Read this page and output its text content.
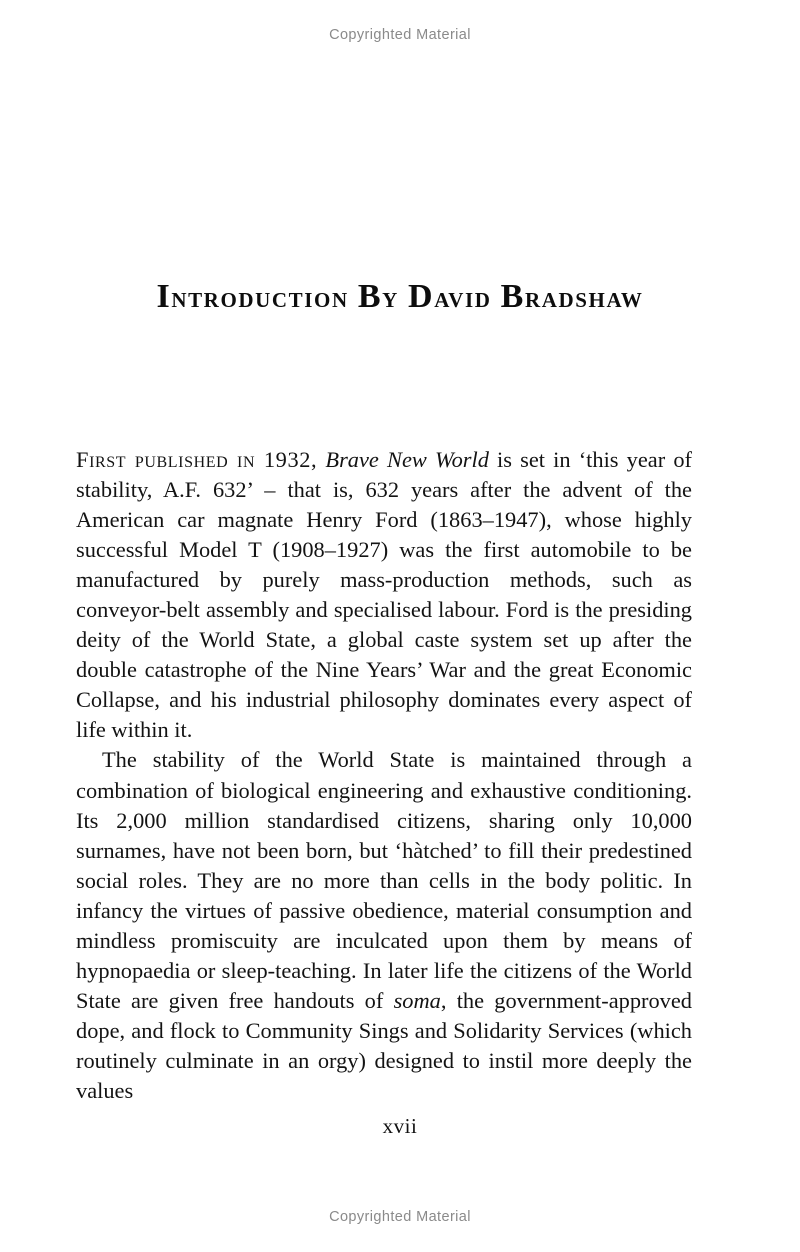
Copyrighted Material
Introduction By David Bradshaw

First published in 1932, Brave New World is set in ‘this year of stability, A.F. 632’ – that is, 632 years after the advent of the American car magnate Henry Ford (1863–1947), whose highly successful Model T (1908–1927) was the first automobile to be manufactured by purely mass-production methods, such as conveyor-belt assembly and specialised labour. Ford is the presiding deity of the World State, a global caste system set up after the double catastrophe of the Nine Years’ War and the great Economic Collapse, and his industrial philosophy dominates every aspect of life within it.

The stability of the World State is maintained through a combination of biological engineering and exhaustive conditioning. Its 2,000 million standardised citizens, sharing only 10,000 surnames, have not been born, but ‘hàtched’ to fill their predestined social roles. They are no more than cells in the body politic. In infancy the virtues of passive obedience, material consumption and mindless promiscuity are inculcated upon them by means of hypnopaedia or sleep-teaching. In later life the citizens of the World State are given free handouts of soma, the government-approved dope, and flock to Community Sings and Solidarity Services (which routinely culminate in an orgy) designed to instil more deeply the values

xvii
Copyrighted Material
